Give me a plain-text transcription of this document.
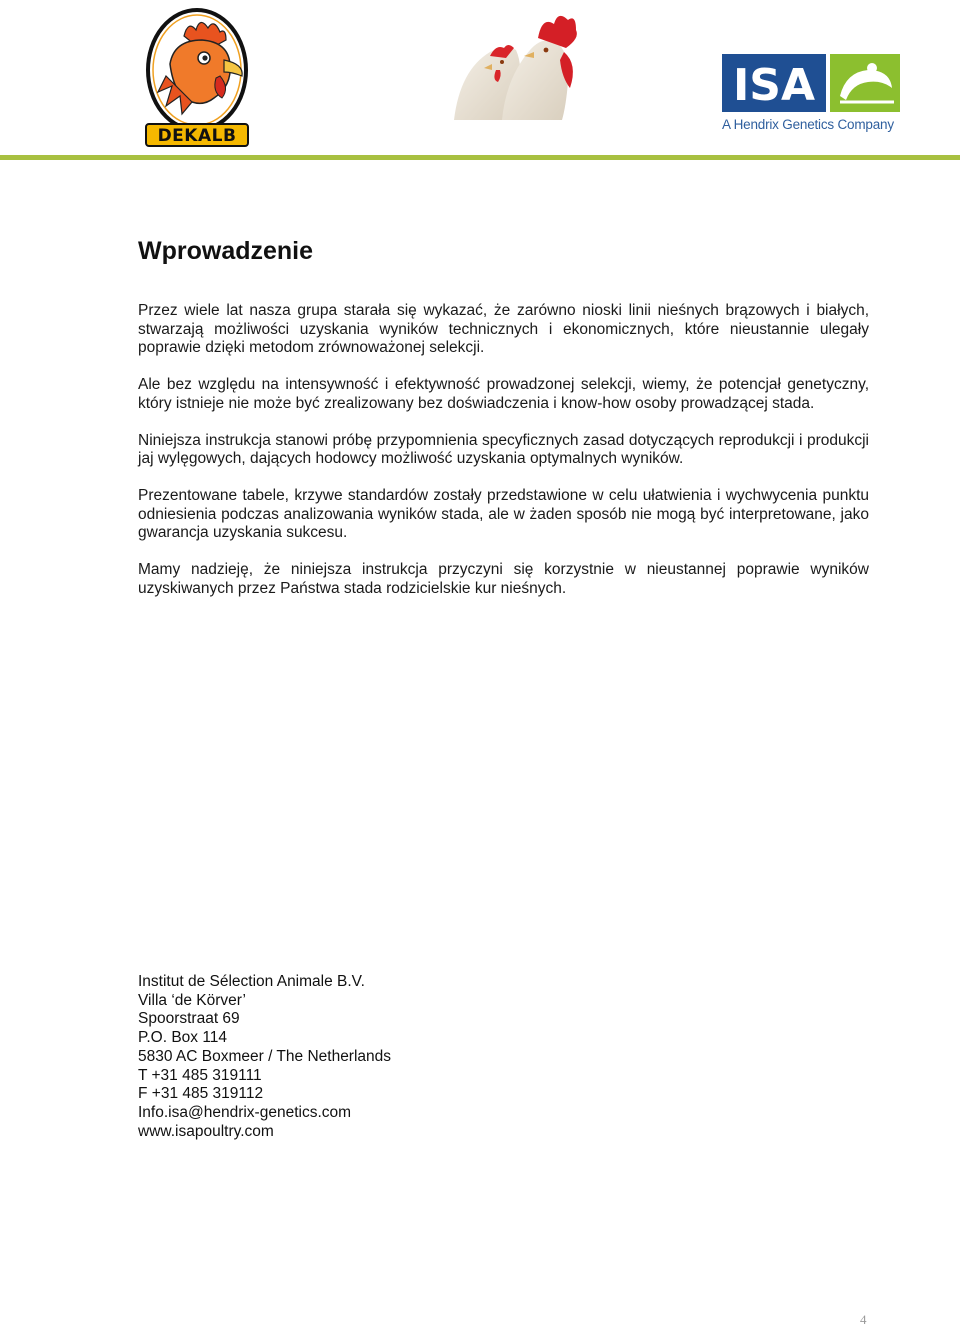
DEKALB
ISA
A Hendrix Genetics Company
Wprowadzenie

Przez wiele lat nasza grupa starała się wykazać, że zarówno nioski linii nieśnych brązowych i białych, stwarzają możliwości uzyskania wyników technicznych i ekonomicznych, które nieustannie ulegały poprawie dzięki metodom zrównoważonej selekcji.

Ale bez względu na intensywność i efektywność prowadzonej selekcji, wiemy, że potencjał genetyczny, który istnieje nie może być zrealizowany bez doświadczenia i know-how osoby prowadzącej stada.

Niniejsza instrukcja stanowi próbę przypomnienia specyficznych zasad dotyczących reprodukcji i produkcji jaj wylęgowych, dających hodowcy możliwość uzyskania optymalnych wyników.

Prezentowane tabele, krzywe standardów zostały przedstawione w celu ułatwienia i wychwycenia punktu odniesienia podczas analizowania wyników stada, ale w żaden sposób nie mogą być interpretowane, jako gwarancja uzyskania sukcesu.

Mamy nadzieję, że niniejsza instrukcja przyczyni się korzystnie w nieustannej poprawie wyników uzyskiwanych przez Państwa stada rodzicielskie kur nieśnych.

Institut de Sélection Animale B.V.
Villa ‘de Körver’
Spoorstraat 69
P.O. Box 114
5830 AC Boxmeer / The Netherlands
T +31 485 319111
F +31 485 319112
Info.isa@hendrix-genetics.com
www.isapoultry.com
4
